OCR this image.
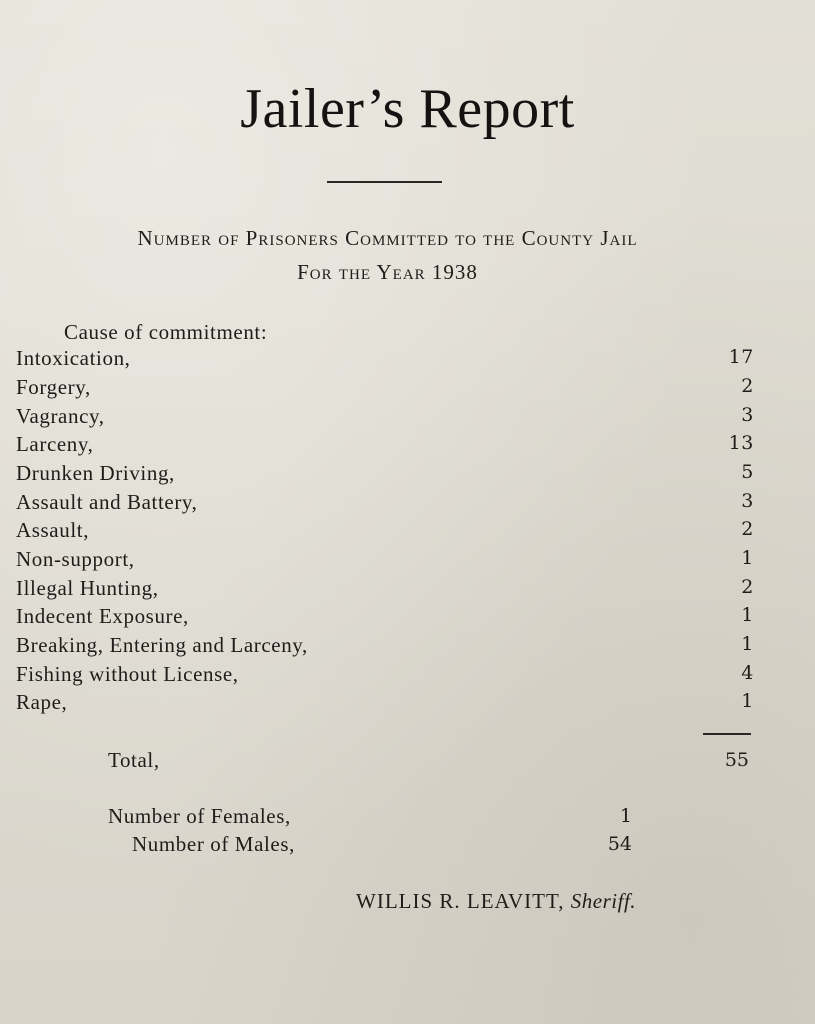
Jailer’s Report
Number of Prisoners Committed to the County Jail
For the Year 1938
Cause of commitment:
Intoxication,	17
Forgery,	2
Vagrancy,	3
Larceny,	13
Drunken Driving,	5
Assault and Battery,	3
Assault,	2
Non-support,	1
Illegal Hunting,	2
Indecent Exposure,	1
Breaking, Entering and Larceny,	1
Fishing without License,	4
Rape,	1
Total,	55
Number of Females,	1
Number of Males,	54
WILLIS R. LEAVITT, Sheriff.
